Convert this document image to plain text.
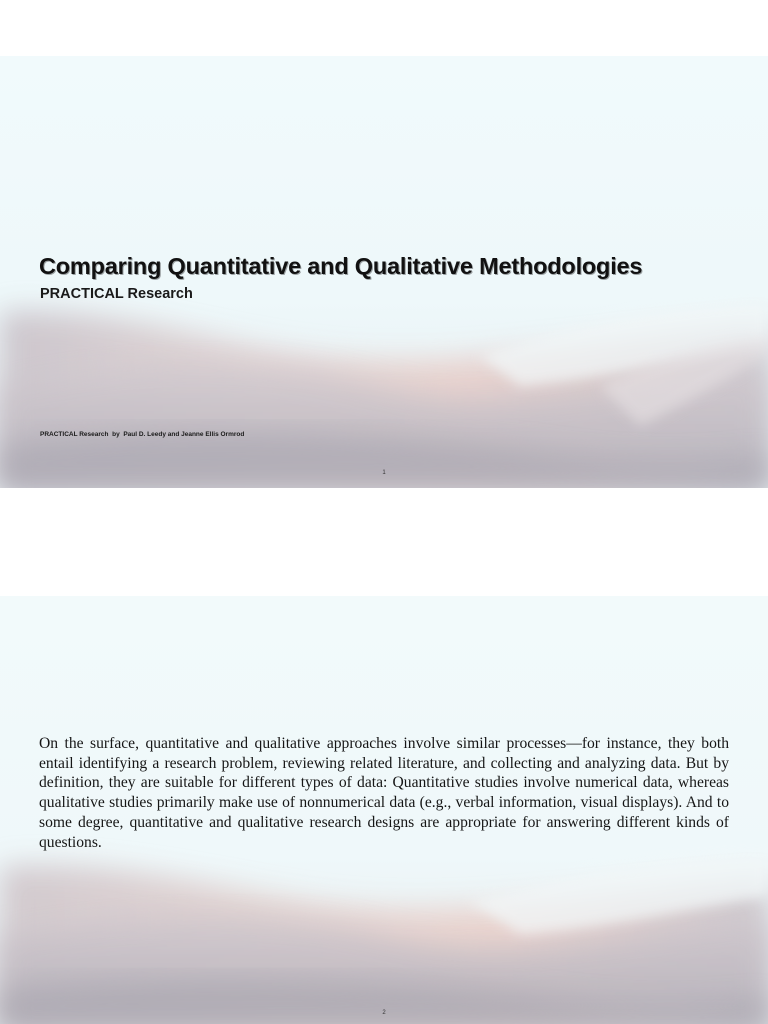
Comparing Quantitative and Qualitative Methodologies
PRACTICAL Research
PRACTICAL Research  by  Paul D. Leedy and Jeanne Ellis Ormrod
1

On the surface, quantitative and qualitative approaches involve similar processes—for instance, they both entail identifying a research problem, reviewing related literature, and collecting and analyzing data. But by definition, they are suitable for different types of data: Quantitative studies involve numerical data, whereas qualitative studies primarily make use of nonnumerical data (e.g., verbal information, visual displays). And to some degree, quantitative and qualitative research designs are appropriate for answering different kinds of questions.

2
